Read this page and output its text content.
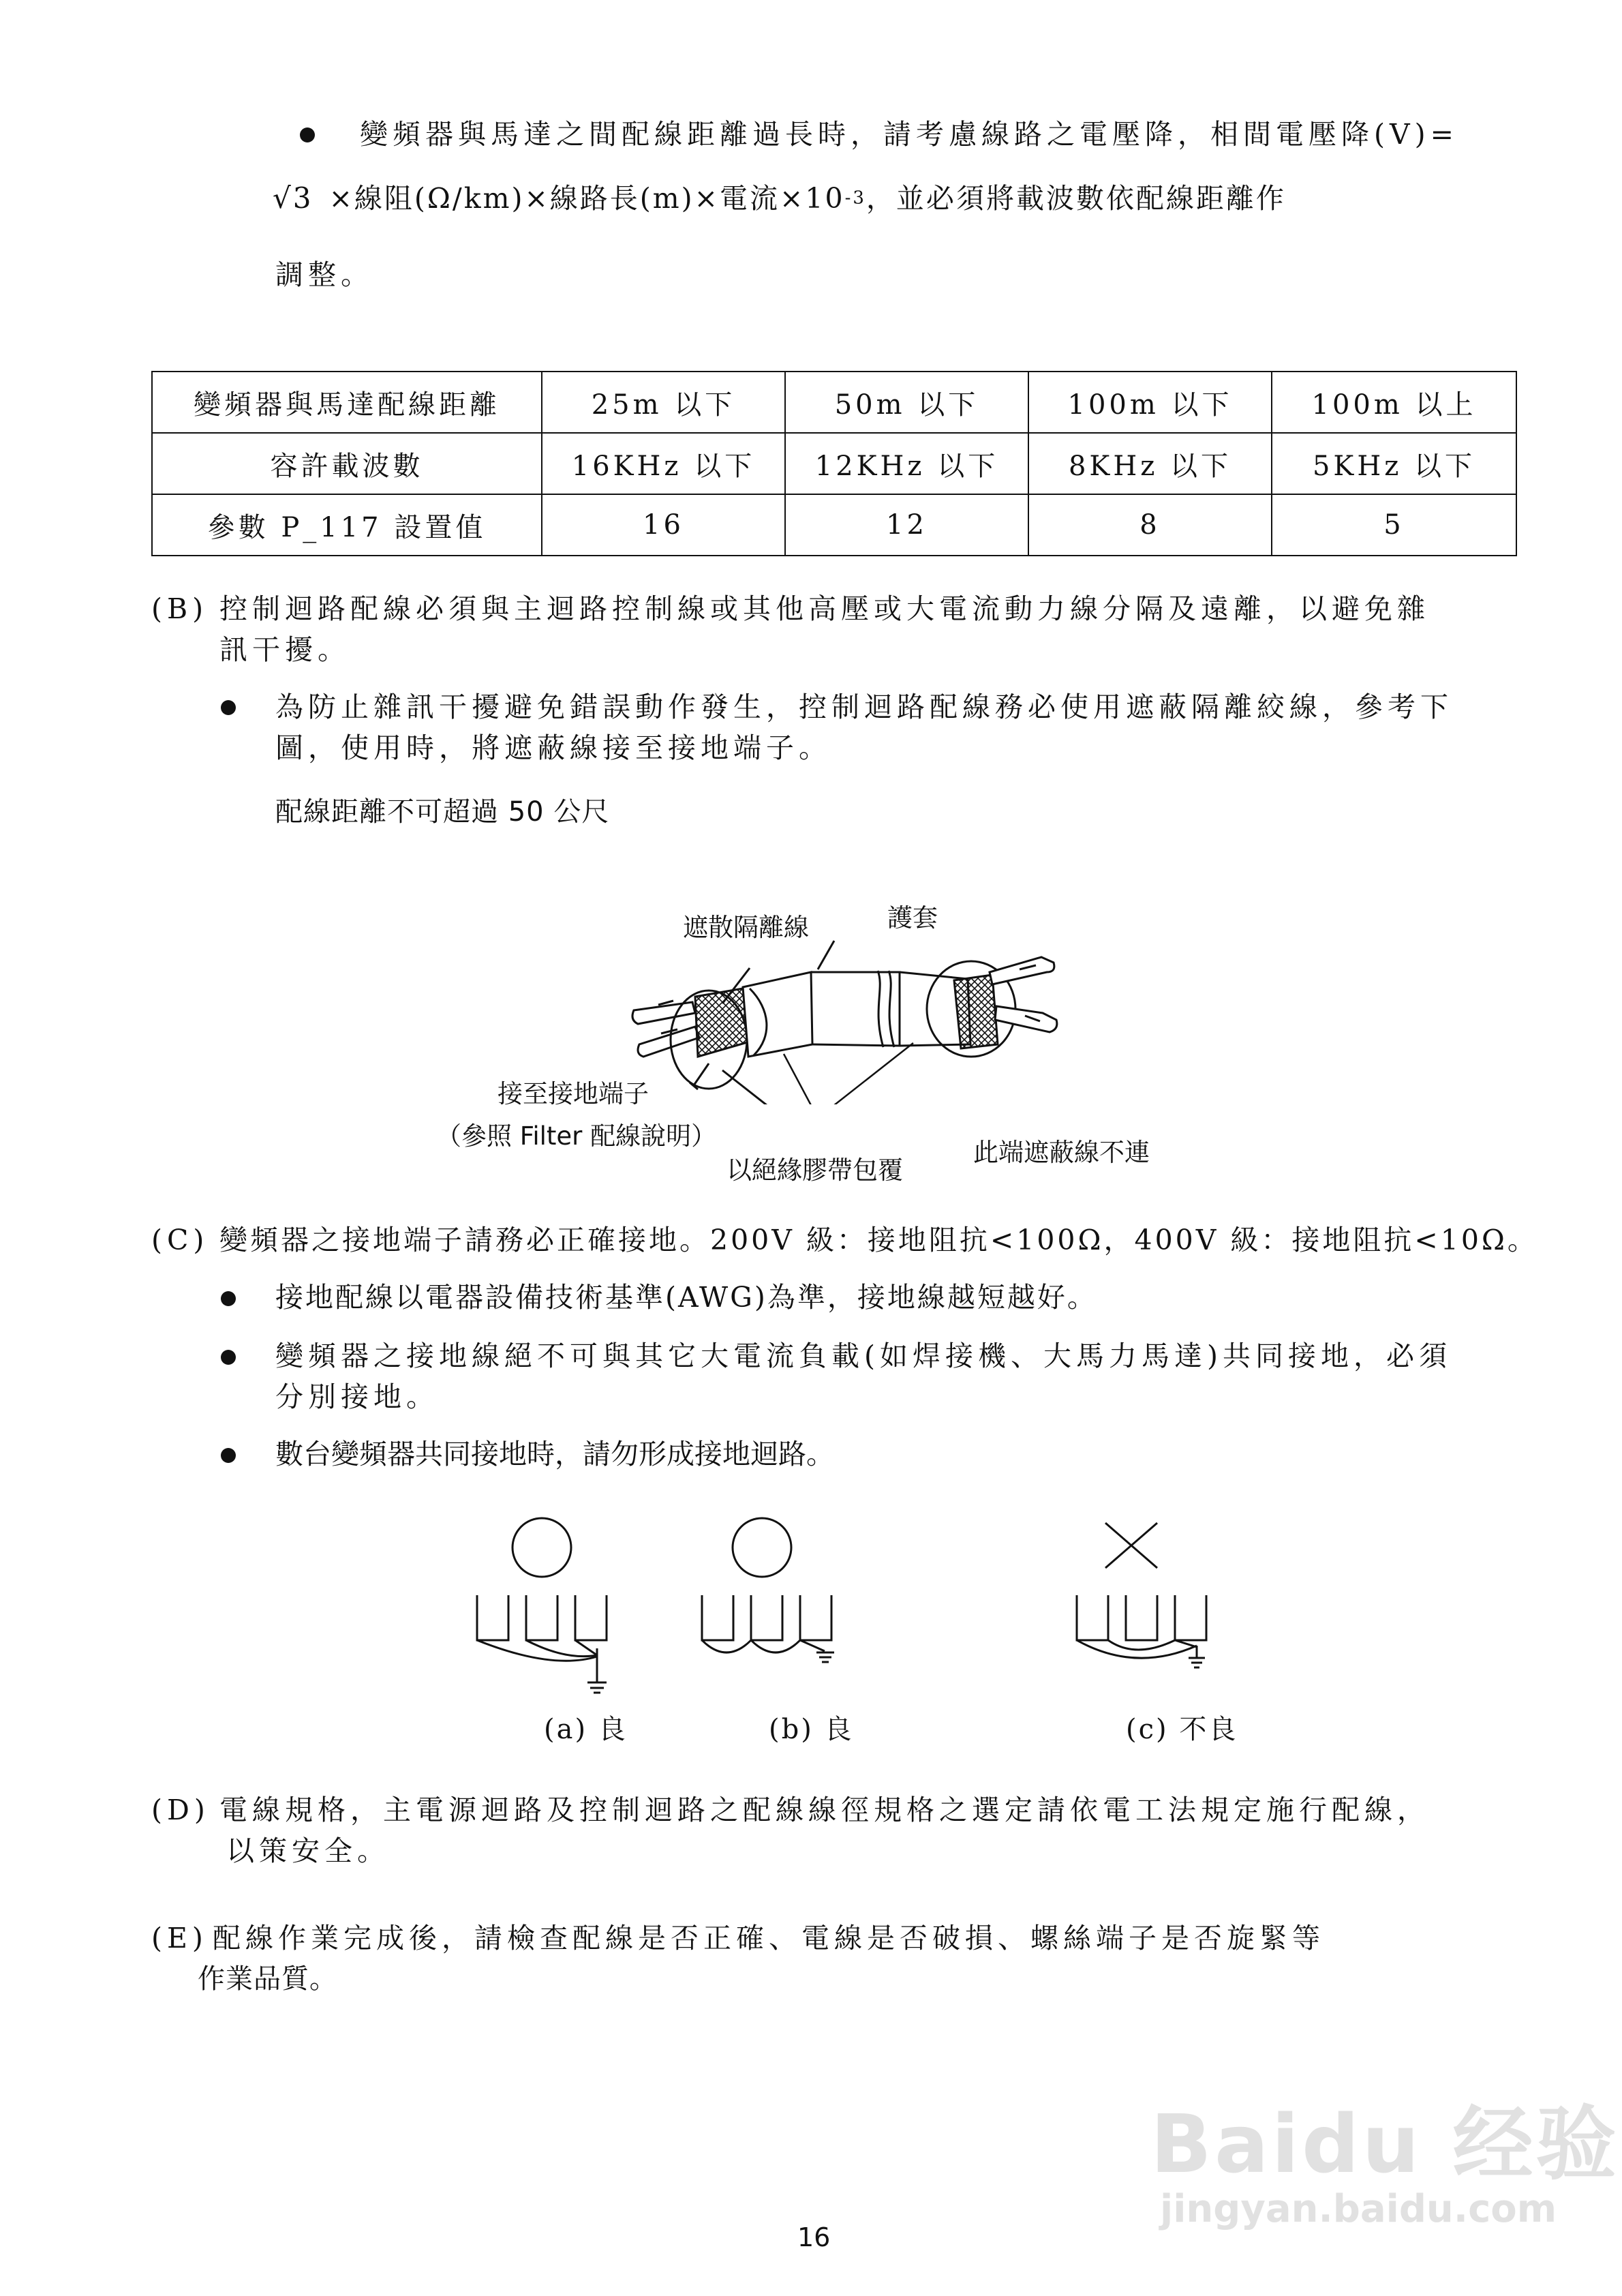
變頻器與馬達之間配線距離過長時，請考慮線路之電壓降，相間電壓降(V)=
√3 ×線阻(Ω/km)×線路長(m)×電流$\times 10^{-3}$，並必須將載波數依配線距離作
調整。
變頻器與馬達配線距離	25m 以下	50m 以下	100m 以下	100m 以上
容許載波數	16KHz 以下	12KHz 以下	8KHz 以下	5KHz 以下
參數 P_117 設置值	16	12	8	5
(B) 控制迴路配線必須與主迴路控制線或其他高壓或大電流動力線分隔及遠離，以避免雜
訊干擾。
為防止雜訊干擾避免錯誤動作發生，控制迴路配線務必使用遮蔽隔離絞線，參考下
圖，使用時，將遮蔽線接至接地端子。
配線距離不可超過 50 公尺
遮散隔離線	護套
接至接地端子
（參照 Filter 配線說明）
以絕緣膠帶包覆
此端遮蔽線不連
(C) 變頻器之接地端子請務必正確接地。200V 級：接地阻抗<100Ω，400V 級：接地阻抗<10Ω。
接地配線以電器設備技術基準(AWG)為準，接地線越短越好。
變頻器之接地線絕不可與其它大電流負載(如焊接機、大馬力馬達)共同接地，必須
分別接地。
數台變頻器共同接地時，請勿形成接地迴路。
(a) 良	(b) 良	(c) 不良
(D) 電線規格，主電源迴路及控制迴路之配線線徑規格之選定請依電工法規定施行配線，
以策安全。
(E) 配線作業完成後，請檢查配線是否正確、電線是否破損、螺絲端子是否旋緊等
作業品質。
Baidu 经验
jingyan.baidu.com
16
